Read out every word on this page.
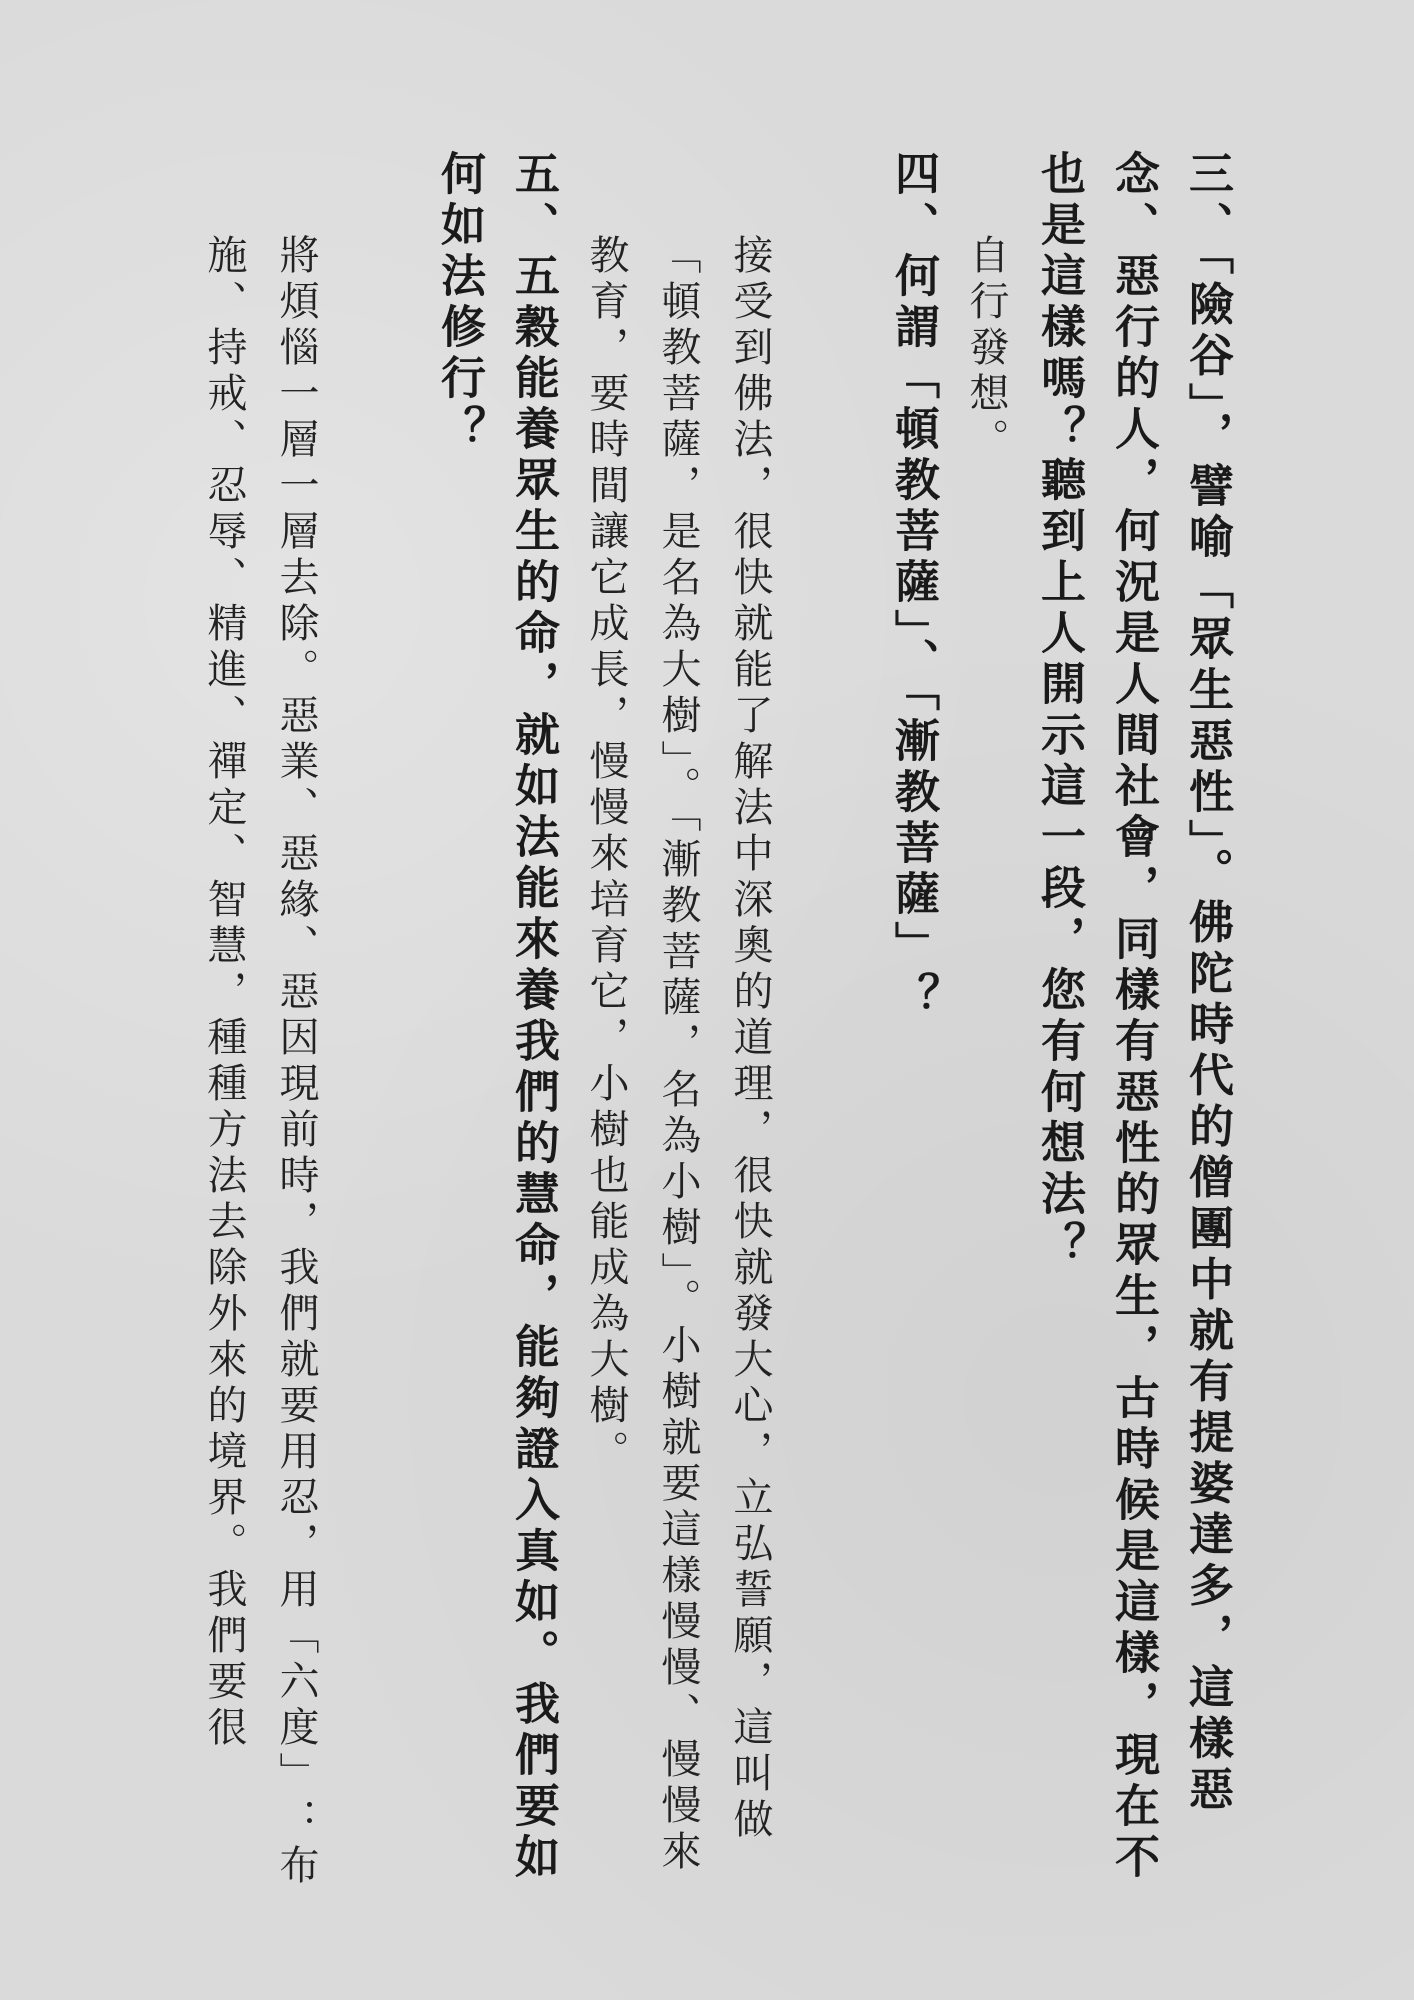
三、「險谷」，譬喻「眾生惡性」。佛陀時代的僧團中就有提婆達多，這樣惡念、惡行的人，何況是人間社會，同樣有惡性的眾生，古時候是這樣，現在不也是這樣嗎？聽到上人開示這一段，您有何想法？

自行發想。

四、何謂「頓教菩薩」、「漸教菩薩」？

接受到佛法，很快就能了解法中深奧的道理，很快就發大心，立弘誓願，這叫做「頓教菩薩，是名為大樹」。「漸教菩薩，名為小樹」。小樹就要這樣慢慢、慢慢來教育，要時間讓它成長，慢慢來培育它，小樹也能成為大樹。

五、五穀能養眾生的命，就如法能來養我們的慧命，能夠證入真如。我們要如何如法修行？

將煩惱一層一層去除。惡業、惡緣、惡因現前時，我們就要用忍，用「六度」：布施、持戒、忍辱、精進、禪定、智慧，種種方法去除外來的境界。我們要很
